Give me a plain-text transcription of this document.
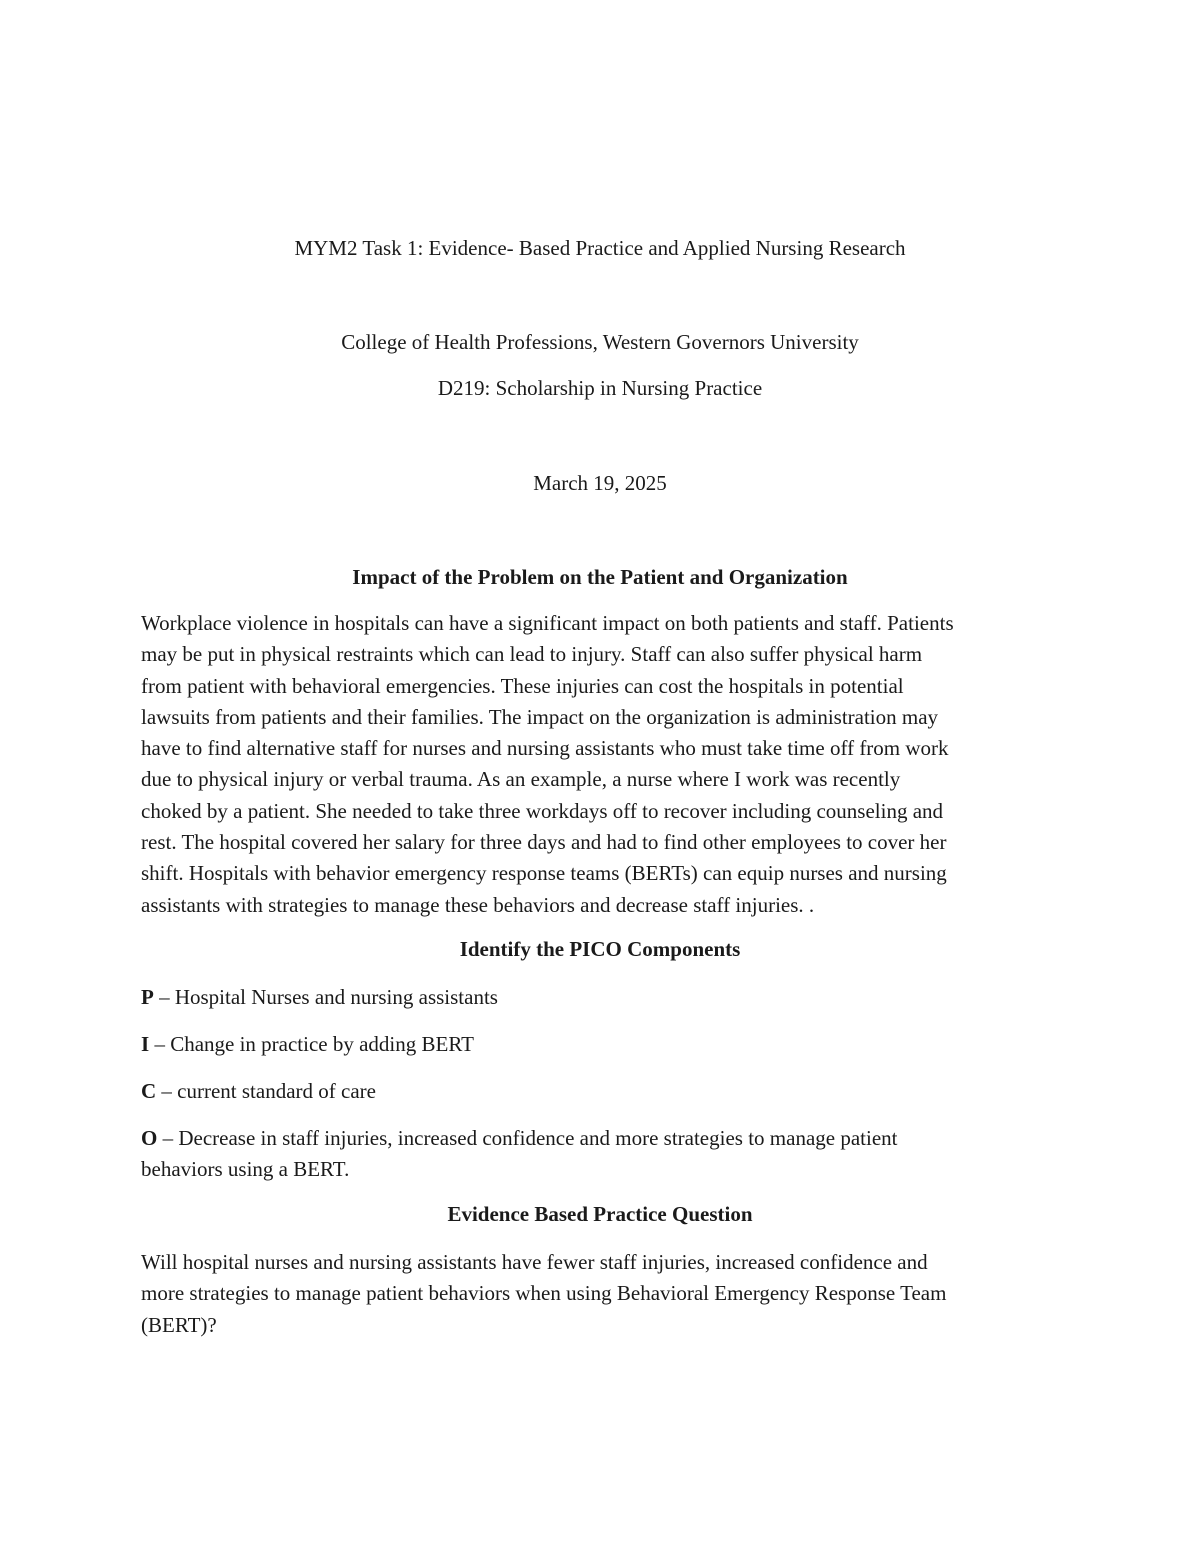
MYM2 Task 1: Evidence- Based Practice and Applied Nursing Research
College of Health Professions, Western Governors University
D219: Scholarship in Nursing Practice
March 19, 2025
Impact of the Problem on the Patient and Organization
Workplace violence in hospitals can have a significant impact on both patients and staff. Patients
may be put in physical restraints which can lead to injury. Staff can also suffer physical harm
from patient with behavioral emergencies. These injuries can cost the hospitals in potential
lawsuits from patients and their families. The impact on the organization is administration may
have to find alternative staff for nurses and nursing assistants who must take time off from work
due to physical injury or verbal trauma. As an example, a nurse where I work was recently
choked by a patient. She needed to take three workdays off to recover including counseling and
rest. The hospital covered her salary for three days and had to find other employees to cover her
shift. Hospitals with behavior emergency response teams (BERTs) can equip nurses and nursing
assistants with strategies to manage these behaviors and decrease staff injuries. .
Identify the PICO Components
P – Hospital Nurses and nursing assistants
I – Change in practice by adding BERT
C – current standard of care
O – Decrease in staff injuries, increased confidence and more strategies to manage patient
behaviors using a BERT.
Evidence Based Practice Question
Will hospital nurses and nursing assistants have fewer staff injuries, increased confidence and
more strategies to manage patient behaviors when using Behavioral Emergency Response Team
(BERT)?
